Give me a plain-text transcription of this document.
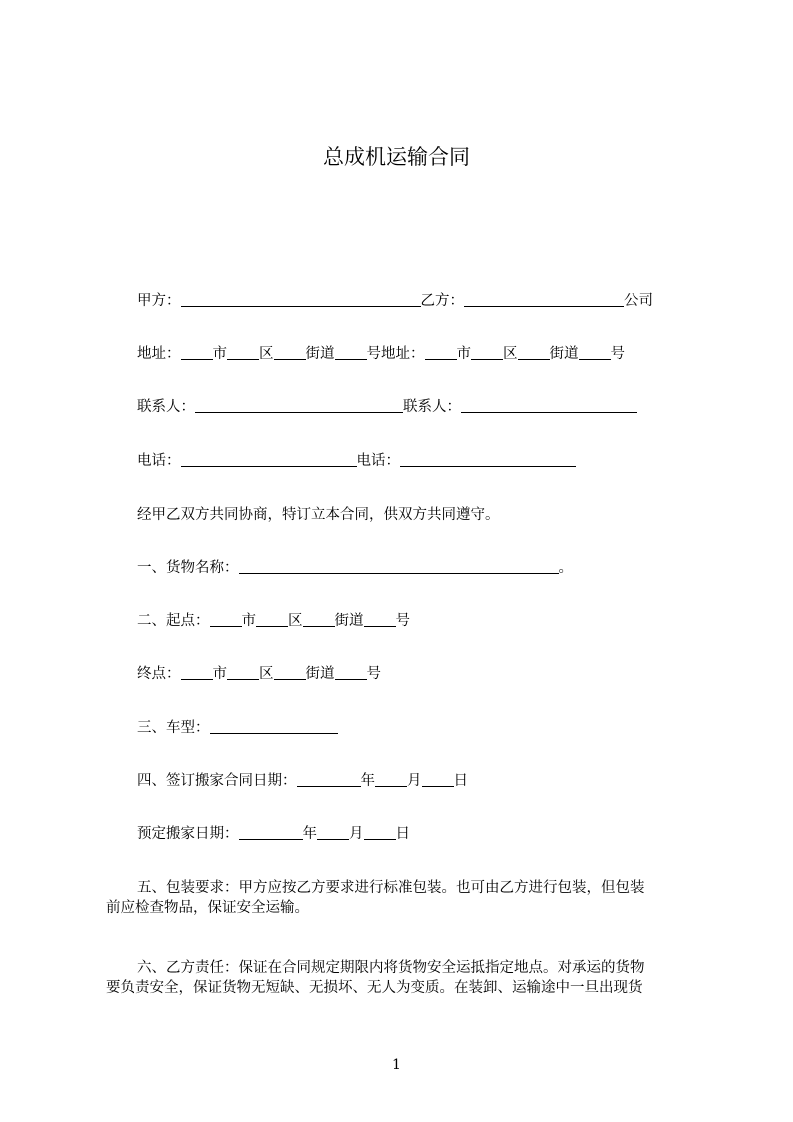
总成机运输合同
甲方：	乙方：	公司
地址： 市 区 街道 号地址： 市 区 街道 号
联系人：	联系人：
电话：	电话：
经甲乙双方共同协商，特订立本合同，供双方共同遵守。
一、货物名称：	。
二、起点： 市 区 街道 号
终点： 市 区 街道 号
三、车型：
四、签订搬家合同日期：	年 月 日
预定搬家日期：	年 月 日
五、包装要求：甲方应按乙方要求进行标准包装。也可由乙方进行包装，但包装
前应检查物品，保证安全运输。
六、乙方责任：保证在合同规定期限内将货物安全运抵指定地点。对承运的货物
要负责安全，保证货物无短缺、无损坏、无人为变质。在装卸、运输途中一旦出现货
1
